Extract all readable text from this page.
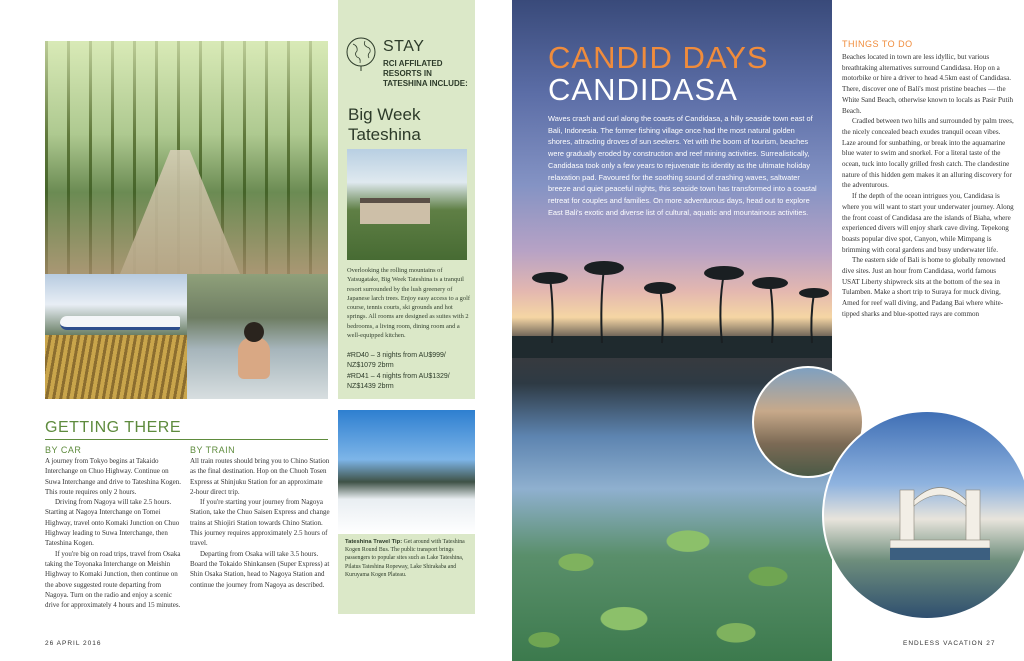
STAY
RCI AFFILATED RESORTS IN TATESHINA INCLUDE:
Big Week Tateshina
Overlooking the rolling mountains of Yatsugatake, Big Week Tateshina is a tranquil resort surrounded by the lush greenery of Japanese larch trees. Enjoy easy access to a golf course, tennis courts, ski grounds and hot springs. All rooms are designed as suites with 2 bedrooms, a living room, dining room and a well-equipped kitchen.
#RD40 – 3 nights from AU$999/ NZ$1079 2brm
#RD41 – 4 nights from AU$1329/ NZ$1439 2brm
GETTING THERE
BY CAR	BY TRAIN

A journey from Tokyo begins at Takaido Interchange on Chuo Highway. Continue on Suwa Interchange and drive to Tateshina Kogen. This route requires only 2 hours.

Driving from Nagoya will take 2.5 hours. Starting at Nagoya Interchange on Tomei Highway, travel onto Komaki Junction on Chuo Highway leading to Suwa Interchange, then Tateshina Kogen.

If you're big on road trips, travel from Osaka taking the Toyonaka Interchange on Meishin Highway to Komaki Junction, then continue on the above suggested route departing from Nagoya. Turn on the radio and enjoy a scenic drive for approximately 4 hours and 15 minutes.

All train routes should bring you to Chino Station as the final destination. Hop on the Chuoh Tosen Express at Shinjuku Station for an approximate 2-hour direct trip.

If you're starting your journey from Nagoya Station, take the Chuo Saisen Express and change trains at Shiojiri Station towards Chino Station. This journey requires approximately 2.5 hours of travel.

Departing from Osaka will take 3.5 hours. Board the Tokaido Shinkansen (Super Express) at Shin Osaka Station, head to Nagoya Station and continue the journey from Nagoya as described.

Tateshina Travel Tip: Get around with Tateshina Kogen Round Bus. The public transport brings passengers to popular sites such as Lake Tateshina, Pilatus Tateshina Ropeway, Lake Shirakaba and Kuruyama Kogen Plateau.
26 APRIL 2016
CANDID DAYS
CANDIDASA
Waves crash and curl along the coasts of Candidasa, a hilly seaside town east of Bali, Indonesia. The former fishing village once had the most natural golden shores, attracting droves of sun seekers. Yet with the boom of tourism, beaches were gradually eroded by construction and reef mining activities. Surrealistically, Candidasa took only a few years to rejuvenate its identity as the ultimate holiday relaxation pad. Favoured for the soothing sound of crashing waves, saltwater breeze and quiet peaceful nights, this seaside town has transformed into a coastal retreat for couples and families. On more adventurous days, head out to explore East Bali's exotic and diverse list of cultural, aquatic and mountainous activities.
THINGS TO DO

Beaches located in town are less idyllic, but various breathtaking alternatives surround Candidasa. Hop on a motorbike or hire a driver to head 4.5km east of Candidasa. There, discover one of Bali's most pristine beaches — the White Sand Beach, otherwise known to locals as Pasir Putih Beach.

Cradled between two hills and surrounded by palm trees, the nicely concealed beach exudes tranquil ocean vibes. Laze around for sunbathing, or break into the aquamarine blue water to swim and snorkel. For a literal taste of the ocean, tuck into locally grilled fresh catch. The clandestine nature of this hidden gem makes it an alluring discovery for the adventurous.

If the depth of the ocean intrigues you, Candidasa is where you will want to start your underwater journey. Along the front coast of Candidasa are the islands of Biaha, where experienced divers will enjoy shark cave diving. Tepekong boasts popular dive spot, Canyon, while Mimpang is brimming with coral gardens and busy underwater life.

The eastern side of Bali is home to globally renowned dive sites. Just an hour from Candidasa, world famous USAT Liberty shipwreck sits at the bottom of the sea in Tulamben. Make a short trip to Suraya for muck diving, Amed for reef wall diving, and Padang Bai where white-tipped sharks and blue-spotted rays are common

ENDLESS VACATION 27
